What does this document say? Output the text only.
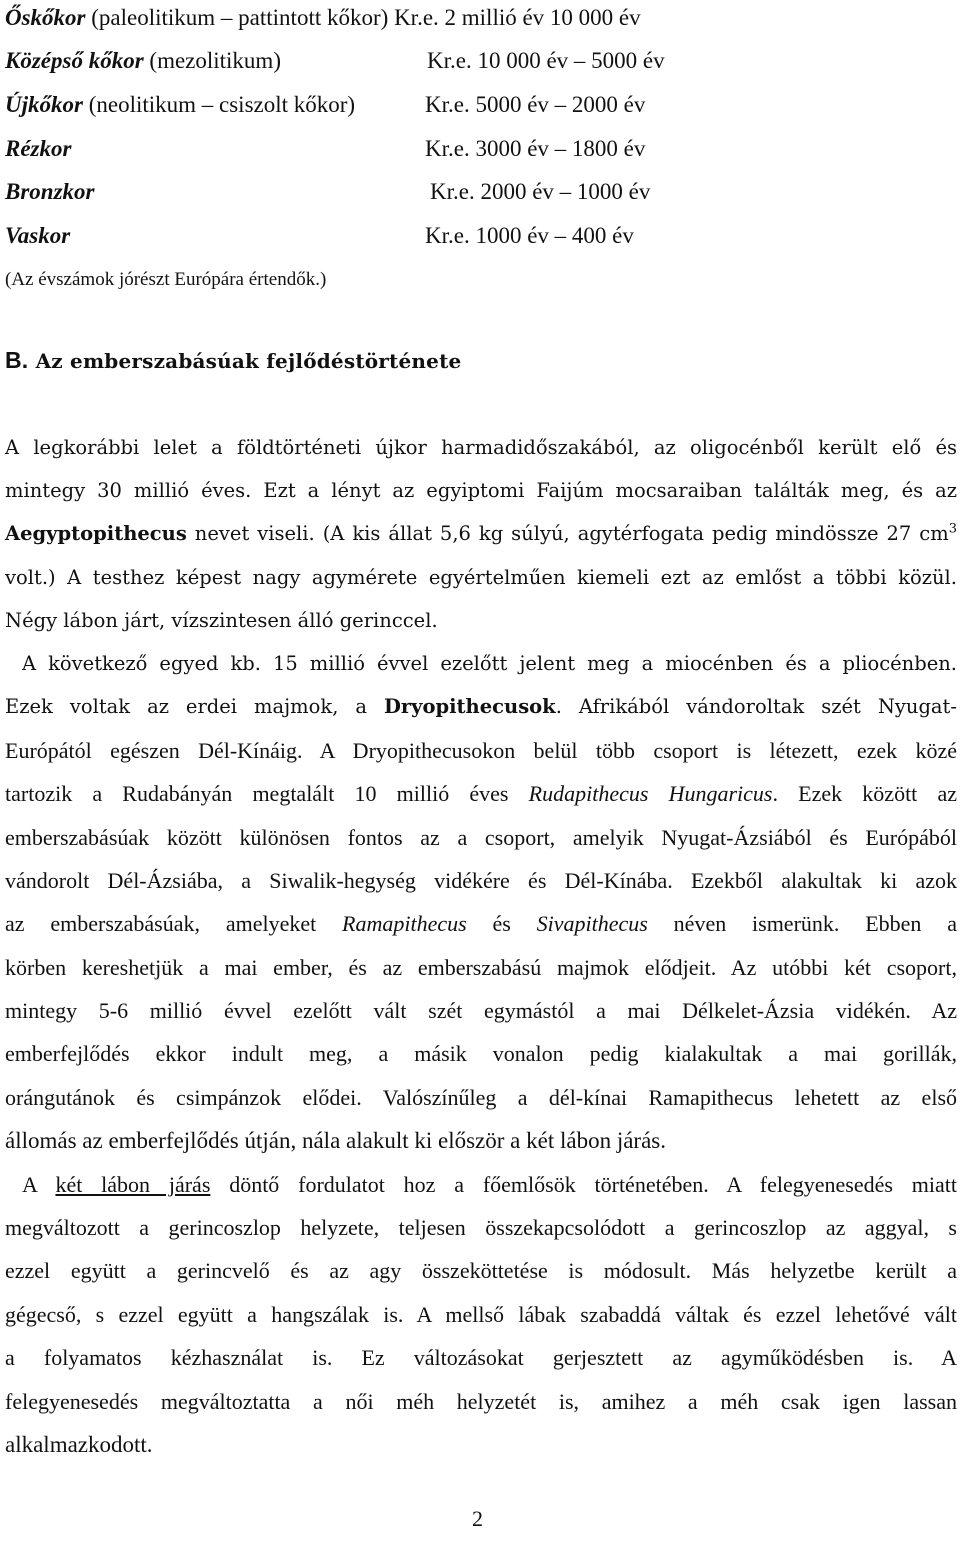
Őskőkor (paleolitikum – pattintott kőkor) Kr.e. 2 millió év 10 000 év
Középső kőkor (mezolitikum)	Kr.e. 10 000 év – 5000 év
Újkőkor (neolitikum – csiszolt kőkor)	Kr.e. 5000 év – 2000 év
Rézkor	Kr.e. 3000 év – 1800 év
Bronzkor	Kr.e. 2000 év – 1000 év
Vaskor	Kr.e. 1000 év – 400 év
(Az évszámok jórészt Európára értendők.)
B. Az emberszabásúak fejlődéstörténete
A legkorábbi lelet a földtörténeti újkor harmadidőszakából, az oligocénből került elő és
mintegy 30 millió éves. Ezt a lényt az egyiptomi Faijúm mocsaraiban találták meg, és az
Aegyptopithecus nevet viseli. (A kis állat 5,6 kg súlyú, agytérfogata pedig mindössze 27 $cm^3$
volt.) A testhez képest nagy agymérete egyértelműen kiemeli ezt az emlőst a többi közül.
Négy lábon járt, vízszintesen álló gerinccel.
A következő egyed kb. 15 millió évvel ezelőtt jelent meg a miocénben és a pliocénben.
Ezek voltak az erdei majmok, a Dryopithecusok. Afrikából vándoroltak szét Nyugat-
Európától egészen Dél-Kínáig. A Dryopithecusokon belül több csoport is létezett, ezek közé
tartozik a Rudabányán megtalált 10 millió éves Rudapithecus Hungaricus. Ezek között az
emberszabásúak között különösen fontos az a csoport, amelyik Nyugat-Ázsiából és Európából
vándorolt Dél-Ázsiába, a Siwalik-hegység vidékére és Dél-Kínába. Ezekből alakultak ki azok
az emberszabásúak, amelyeket Ramapithecus és Sivapithecus néven ismerünk. Ebben a
körben kereshetjük a mai ember, és az emberszabású majmok elődjeit. Az utóbbi két csoport,
mintegy 5-6 millió évvel ezelőtt vált szét egymástól a mai Délkelet-Ázsia vidékén. Az
emberfejlődés ekkor indult meg, a másik vonalon pedig kialakultak a mai gorillák,
orángutánok és csimpánzok elődei. Valószínűleg a dél-kínai Ramapithecus lehetett az első
állomás az emberfejlődés útján, nála alakult ki először a két lábon járás.
A két lábon járás döntő fordulatot hoz a főemlősök történetében. A felegyenesedés miatt
megváltozott a gerincoszlop helyzete, teljesen összekapcsolódott a gerincoszlop az aggyal, s
ezzel együtt a gerincvelő és az agy összeköttetése is módosult. Más helyzetbe került a
gégecső, s ezzel együtt a hangszálak is. A mellső lábak szabaddá váltak és ezzel lehetővé vált
a folyamatos kézhasználat is. Ez változásokat gerjesztett az agyműködésben is. A
felegyenesedés megváltoztatta a női méh helyzetét is, amihez a méh csak igen lassan
alkalmazkodott.
2
